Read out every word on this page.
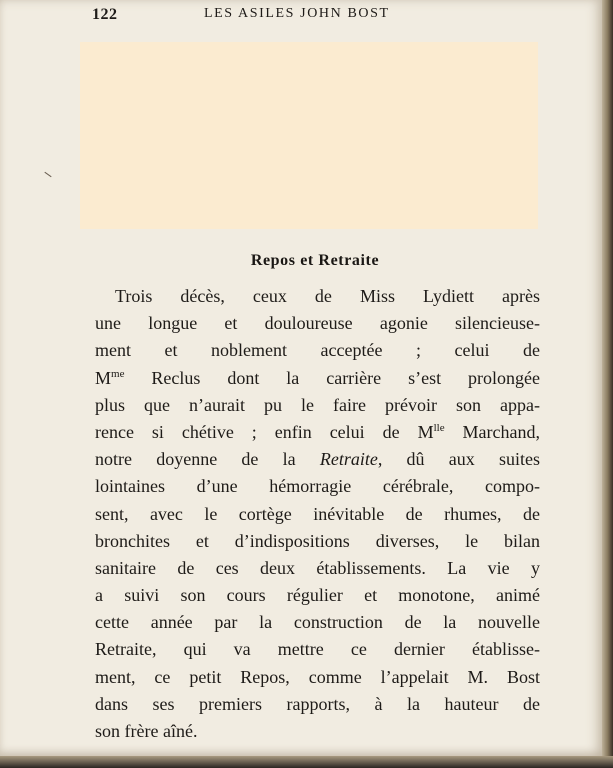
122	LES ASILES JOHN BOST
Repos et Retraite
Trois décès, ceux de Miss Lydiett après
une longue et douloureuse agonie silencieuse-
ment et noblement acceptée ; celui de
$M^{me}$ Reclus dont la carrière s’est prolongée
plus que n’aurait pu le faire prévoir son appa-
rence si chétive ; enfin celui de $M^{lle}$ Marchand,
notre doyenne de la Retraite, dû aux suites
lointaines d’une hémorragie cérébrale, compo-
sent, avec le cortège inévitable de rhumes, de
bronchites et d’indispositions diverses, le bilan
sanitaire de ces deux établissements. La vie y
a suivi son cours régulier et monotone, animé
cette année par la construction de la nouvelle
Retraite, qui va mettre ce dernier établisse-
ment, ce petit Repos, comme l’appelait M. Bost
dans ses premiers rapports, à la hauteur de
son frère aîné.
